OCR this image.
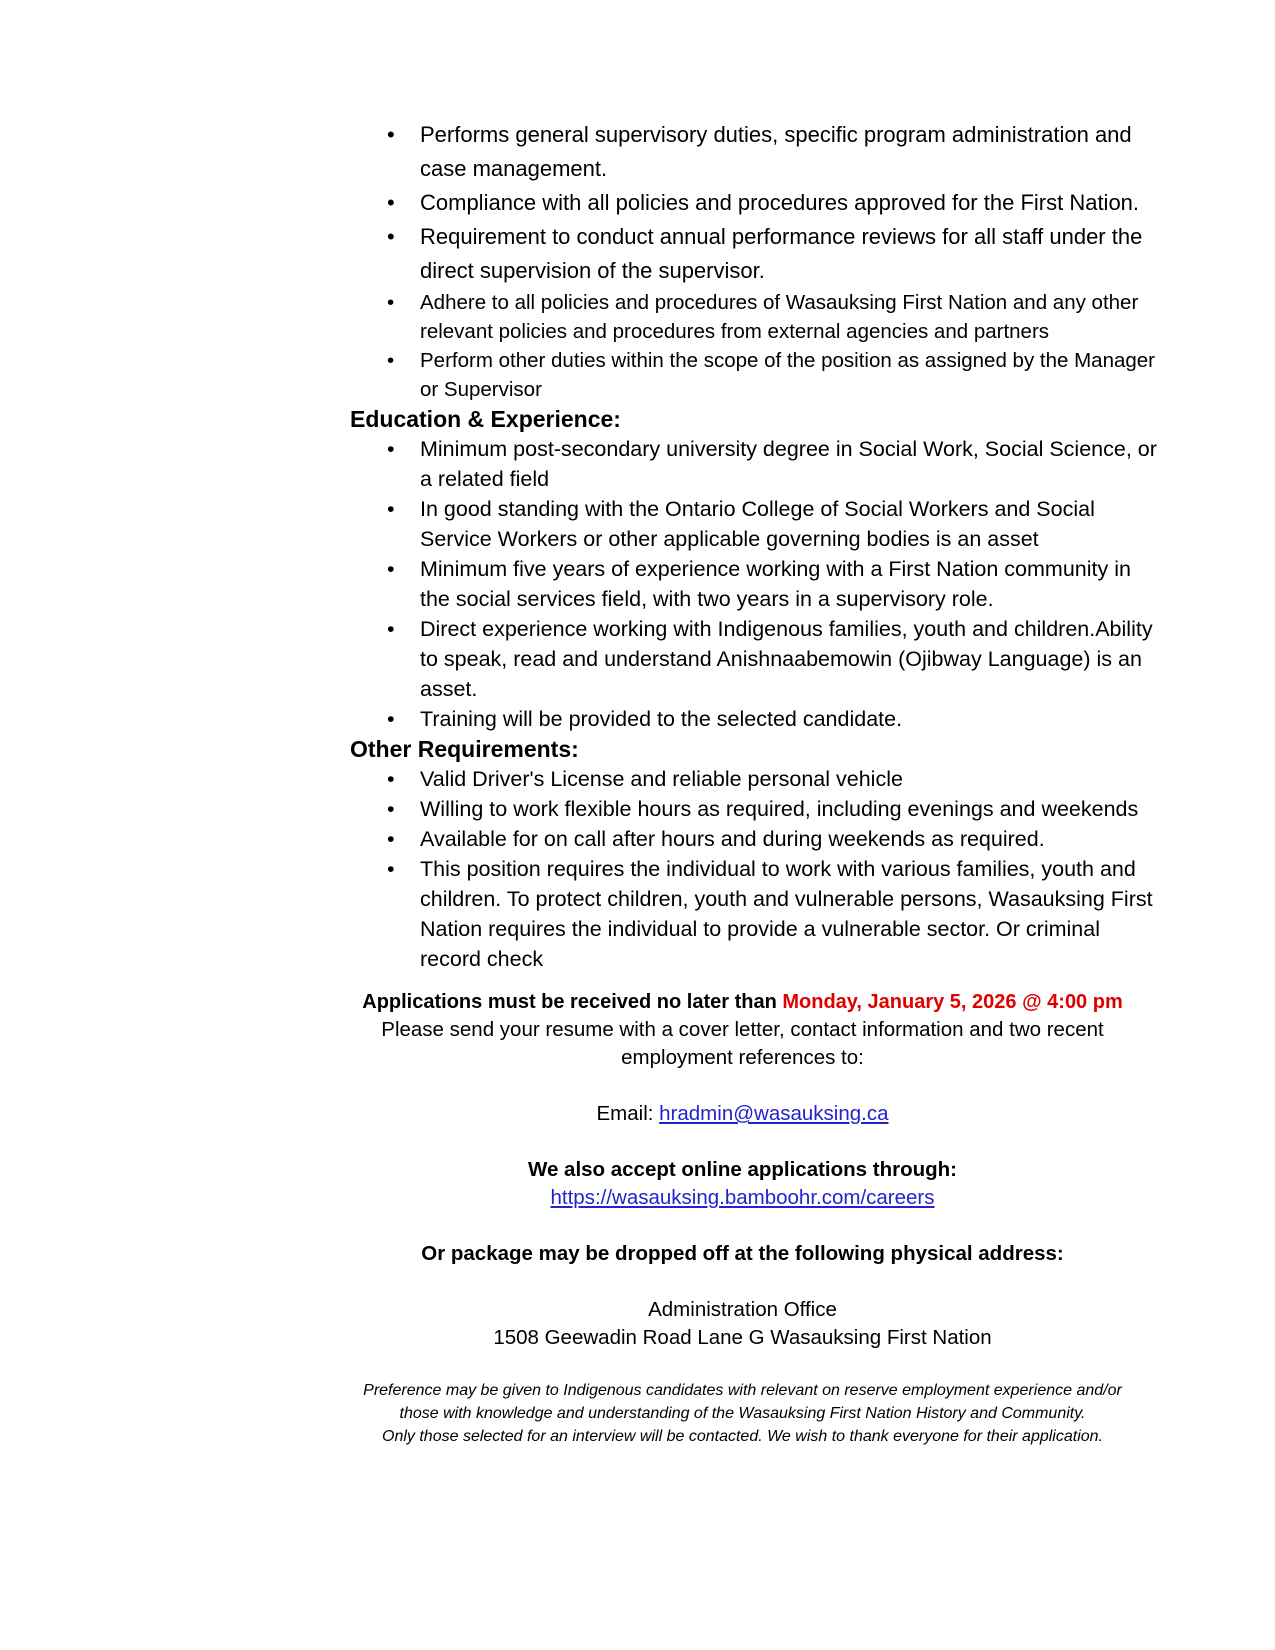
• Performs general supervisory duties, specific program administration and case management.
• Compliance with all policies and procedures approved for the First Nation.
• Requirement to conduct annual performance reviews for all staff under the direct supervision of the supervisor.
• Adhere to all policies and procedures of Wasauksing First Nation and any other relevant policies and procedures from external agencies and partners
• Perform other duties within the scope of the position as assigned by the Manager or Supervisor
Education & Experience:
• Minimum post-secondary university degree in Social Work, Social Science, or a related field
• In good standing with the Ontario College of Social Workers and Social Service Workers or other applicable governing bodies is an asset
• Minimum five years of experience working with a First Nation community in the social services field, with two years in a supervisory role.
• Direct experience working with Indigenous families, youth and children.Ability to speak, read and understand Anishnaabemowin (Ojibway Language) is an asset.
• Training will be provided to the selected candidate.
Other Requirements:
• Valid Driver's License and reliable personal vehicle
• Willing to work flexible hours as required, including evenings and weekends
• Available for on call after hours and during weekends as required.
• This position requires the individual to work with various families, youth and children. To protect children, youth and vulnerable persons, Wasauksing First Nation requires the individual to provide a vulnerable sector. Or criminal record check

Applications must be received no later than Monday, January 5, 2026 @ 4:00 pm

Please send your resume with a cover letter, contact information and two recent employment references to:

Email: hradmin@wasauksing.ca

We also accept online applications through:

https://wasauksing.bamboohr.com/careers

Or package may be dropped off at the following physical address:

Administration Office

1508 Geewadin Road Lane G Wasauksing First Nation

Preference may be given to Indigenous candidates with relevant on reserve employment experience and/or
those with knowledge and understanding of the Wasauksing First Nation History and Community.
Only those selected for an interview will be contacted. We wish to thank everyone for their application.
